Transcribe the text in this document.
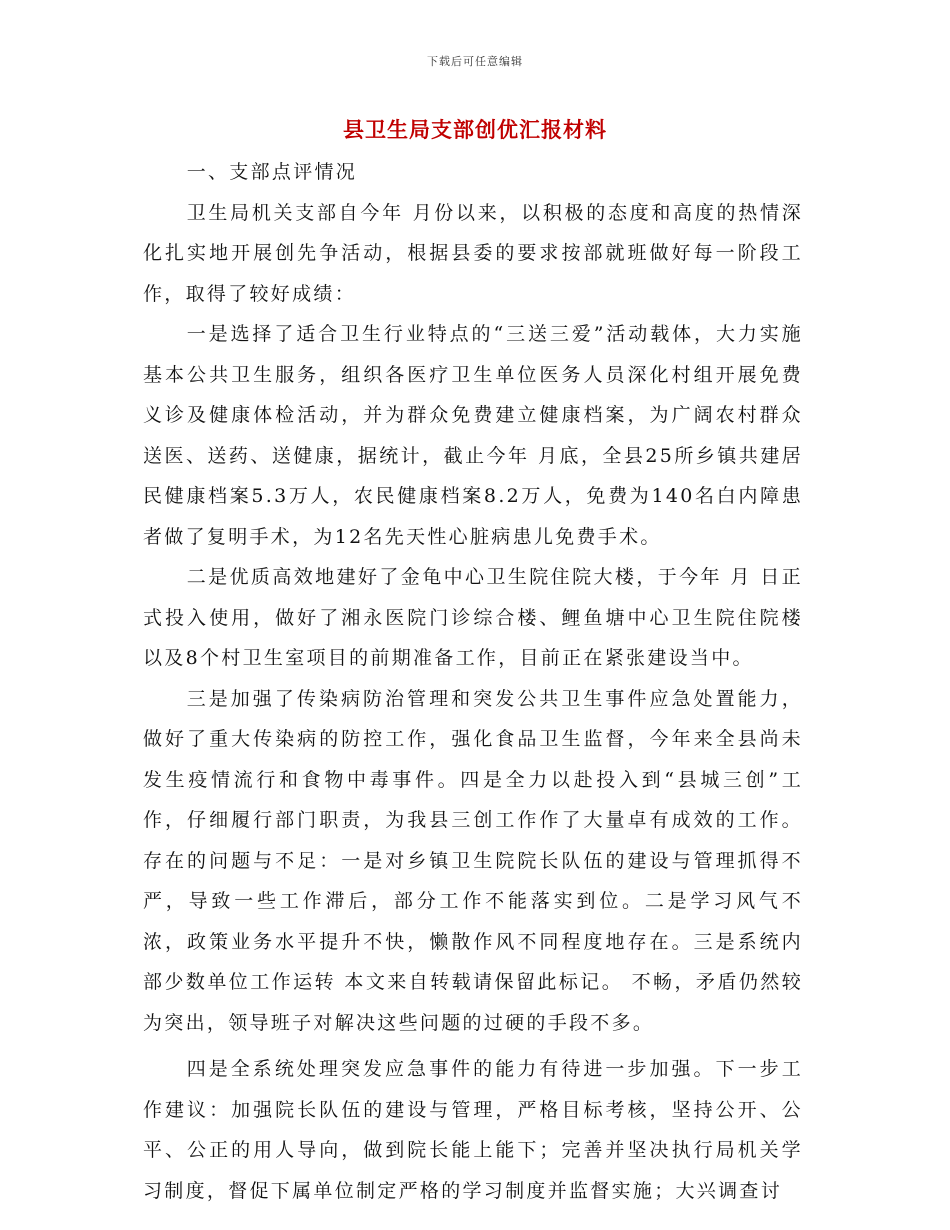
下载后可任意编辑
县卫生局支部创优汇报材料

一、支部点评情况

卫生局机关支部自今年 月份以来，以积极的态度和高度的热情深化扎实地开展创先争活动，根据县委的要求按部就班做好每一阶段工作，取得了较好成绩：

一是选择了适合卫生行业特点的“三送三爱”活动载体，大力实施基本公共卫生服务，组织各医疗卫生单位医务人员深化村组开展免费义诊及健康体检活动，并为群众免费建立健康档案，为广阔农村群众送医、送药、送健康，据统计，截止今年 月底，全县25所乡镇共建居民健康档案5.3万人，农民健康档案8.2万人，免费为140名白内障患者做了复明手术，为12名先天性心脏病患儿免费手术。

二是优质高效地建好了金龟中心卫生院住院大楼，于今年 月 日正式投入使用，做好了湘永医院门诊综合楼、鲤鱼塘中心卫生院住院楼以及8个村卫生室项目的前期准备工作，目前正在紧张建设当中。

三是加强了传染病防治管理和突发公共卫生事件应急处置能力，做好了重大传染病的防控工作，强化食品卫生监督，今年来全县尚未发生疫情流行和食物中毒事件。四是全力以赴投入到“县城三创”工作，仔细履行部门职责，为我县三创工作作了大量卓有成效的工作。存在的问题与不足：一是对乡镇卫生院院长队伍的建设与管理抓得不严，导致一些工作滞后，部分工作不能落实到位。二是学习风气不浓，政策业务水平提升不快，懒散作风不同程度地存在。三是系统内部少数单位工作运转 本文来自转载请保留此标记。 不畅，矛盾仍然较为突出，领导班子对解决这些问题的过硬的手段不多。

四是全系统处理突发应急事件的能力有待进一步加强。下一步工作建议：加强院长队伍的建设与管理，严格目标考核，坚持公开、公平、公正的用人导向，做到院长能上能下；完善并坚决执行局机关学习制度，督促下属单位制定严格的学习制度并监督实施；大兴调查讨
